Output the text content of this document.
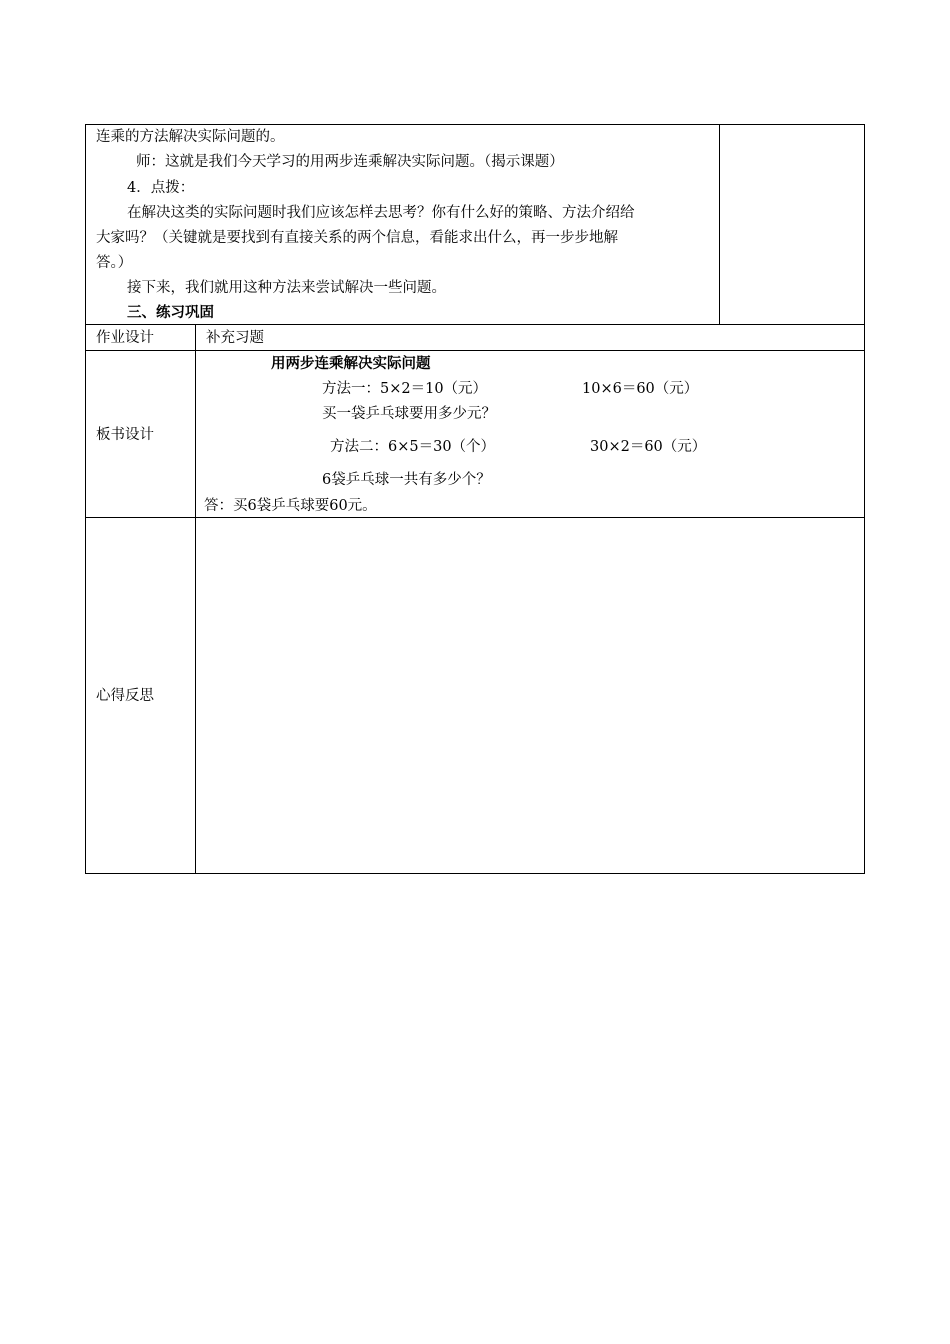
连乘的方法解决实际问题的。
师：这就是我们今天学习的用两步连乘解决实际问题。（揭示课题）
4．点拨：
在解决这类的实际问题时我们应该怎样去思考？你有什么好的策略、方法介绍给
大家吗？（关键就是要找到有直接关系的两个信息，看能求出什么，再一步步地解
答。）
接下来，我们就用这种方法来尝试解决一些问题。
三、练习巩固
作业设计	补充习题
板书设计
用两步连乘解决实际问题
方法一：5×2＝10（元）	10×6＝60（元）
买一袋乒乓球要用多少元？
方法二：6×5＝30（个）	30×2＝60（元）
6袋乒乓球一共有多少个？
答：买6袋乒乓球要60元。
心得反思
